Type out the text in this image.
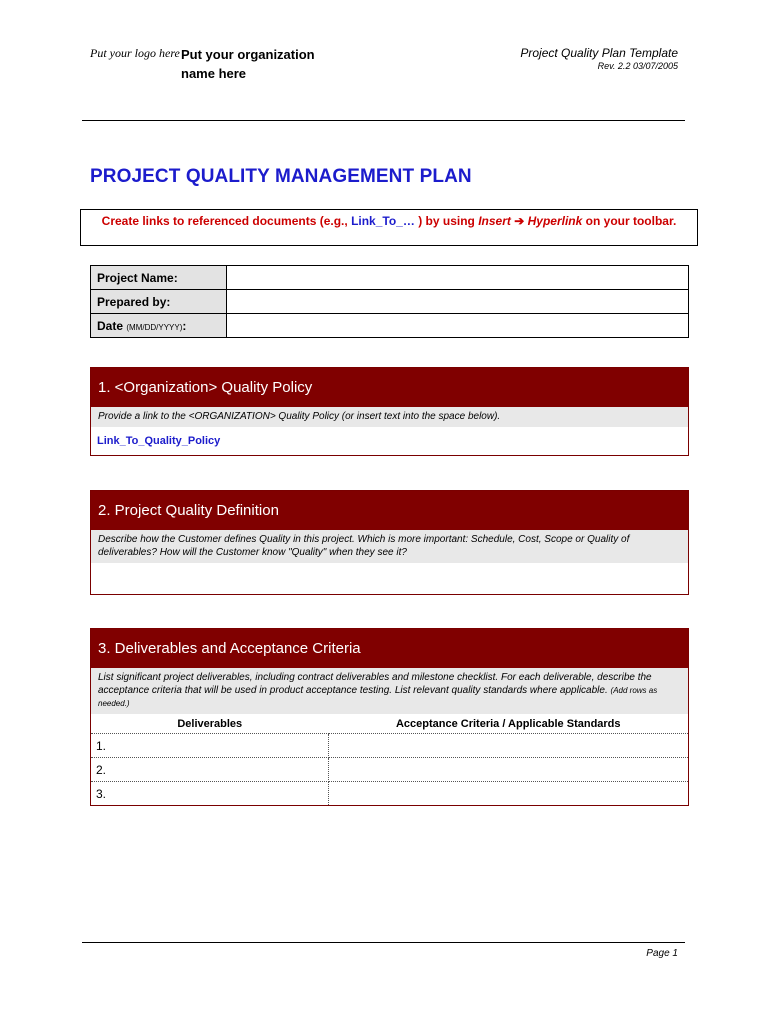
Put your logo here Put your organization name here
Project Quality Plan Template
Rev. 2.2 03/07/2005
PROJECT QUALITY MANAGEMENT PLAN
Create links to referenced documents (e.g., Link_To_… ) by using Insert ➔ Hyperlink on your toolbar.
Project Name:	
Prepared by:	
Date (MM/DD/YYYY):	
1. <Organization> Quality Policy
Provide a link to the <ORGANIZATION> Quality Policy (or insert text into the space below).
Link_To_Quality_Policy
2. Project Quality Definition
Describe how the Customer defines Quality in this project. Which is more important: Schedule, Cost, Scope or Quality of deliverables? How will the Customer know "Quality" when they see it?
3. Deliverables and Acceptance Criteria
List significant project deliverables, including contract deliverables and milestone checklist. For each deliverable, describe the acceptance criteria that will be used in product acceptance testing. List relevant quality standards where applicable. (Add rows as needed.)
Deliverables	Acceptance Criteria / Applicable Standards
1.	
2.	
3.	
Page 1
